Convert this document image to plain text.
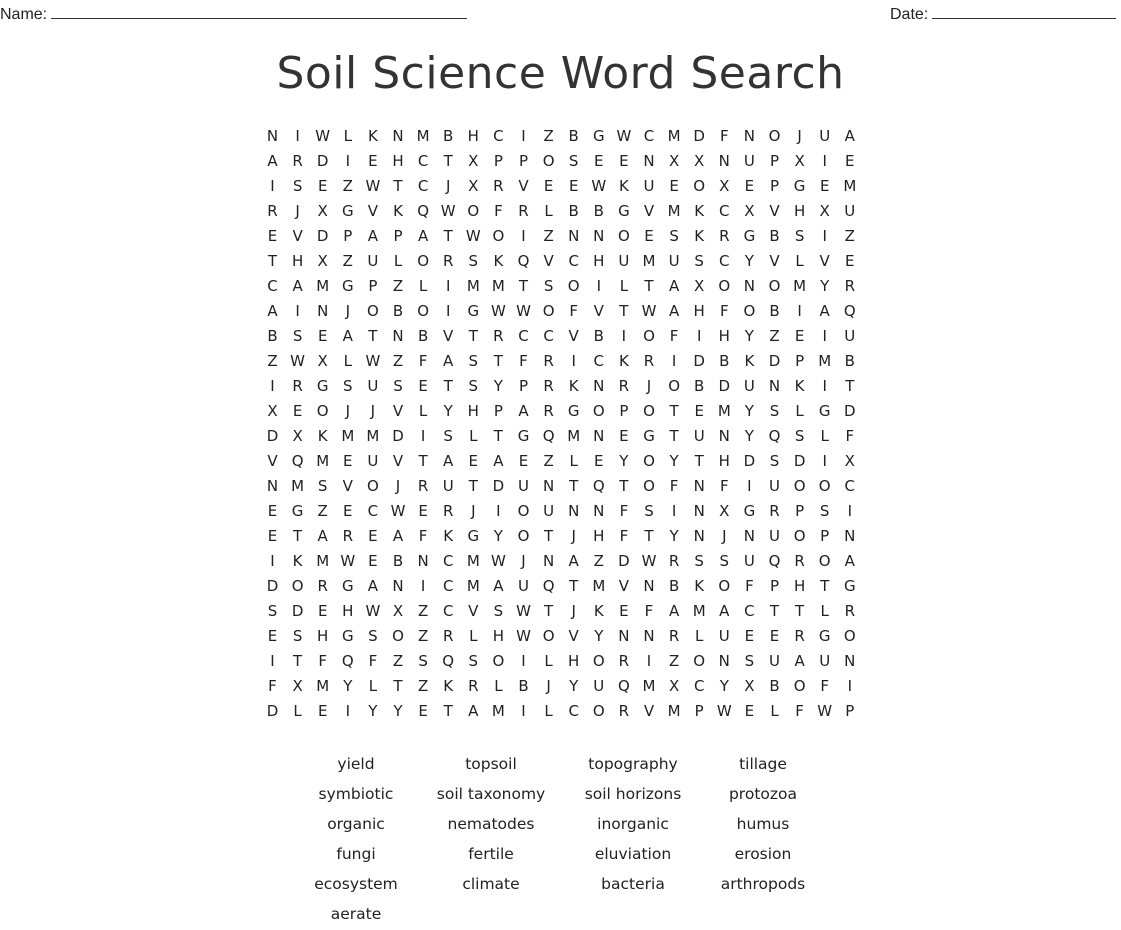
Name:	Date:
Soil Science Word Search
N	I	W L	K N M B H C	I	Z B G W C M D	F	N O	J	U A
A R D	I	E H C	T	X	P	P O S	E	E N X X N U	P	X	I	E
I	S	E	Z W T	C	J	X R V	E	E W K U E O X	E	P G E M
R	J	X G V	K Q W O F	R	L	B B G V M K C X V H X U
E	V D P	A	P	A	T W O	I	Z N N O E	S	K R G B	S	I	Z
T H X Z U	L	O R	S	K Q V C H U M U S	C	Y	V	L	V	E
C A M G P	Z	L	I	M M T	S O	I	L	T	A X O N O M Y	R
A	I	N	J	O B O	I	G W W O F	V	T W A H	F O B	I	A Q
B	S	E	A	T N B V	T	R C C V B	I	O F	I	H Y	Z	E	I	U
Z W X	L W Z	F	A	S	T	F	R	I	C K R	I	D B	K D P M B
I	R G S U S	E	T	S	Y	P	R K N R	J	O B D U N K	I	T
X	E O	J	J	V	L	Y H P	A R G O P O T	E M Y	S	L	G D
D X	K M M D	I	S	L	T G Q M N E G T	U N Y Q S	L	F
V Q M E U V	T	A	E	A	E	Z	L	E	Y O Y	T H D S D	I	X
N M S	V O	J	R U	T D U N T Q T O F	N	F	I	U O O C
E G Z	E	C W E	R	J	I	O U N N	F	S	I	N X G R	P	S	I
E	T	A R	E	A	F	K G Y O T	J	H	F	T	Y N	J	N U O P N
I	K M W E	B N C M W	J	N A Z D W R	S	S U Q R O A
D O R G A N	I	C M A U Q T M V N B	K O F	P H T G
S D E H W X Z C V	S W T	J	K	E	F	A M A C	T	T	L	R
E	S H G S O Z R	L	H W O V	Y N N R	L	U E	E	R G O
I	T	F Q F	Z	S Q S O	I	L	H O R	I	Z O N S U A U N
F	X M Y	L	T	Z	K R	L	B	J	Y	U Q M X C	Y	X B O F	I
D	L	E	I	Y	Y	E	T	A M	I	L	C O R V M P W E	L	F W P
yield	topsoil	topography	tillage
symbiotic	soil taxonomy	soil horizons	protozoa
organic	nematodes	inorganic	humus
fungi	fertile	eluviation	erosion
ecosystem	climate	bacteria	arthropods
aerate
